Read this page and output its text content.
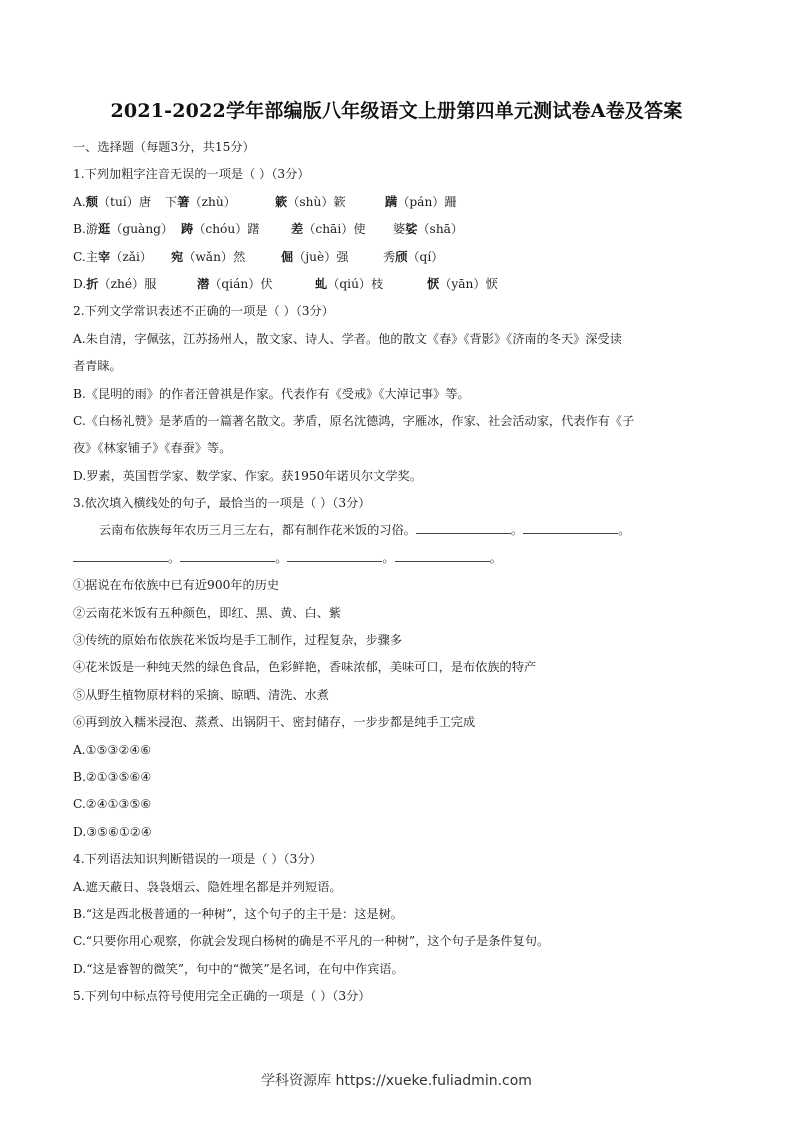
2021-2022学年部编版八年级语文上册第四单元测试卷A卷及答案
一、选择题（每题3分，共15分）
1.下列加粗字注音无误的一项是（ ）（3分）
A.颓（tuí）唐	下箸（zhù）	簌（shù）簌	蹒（pán）跚
B.游逛（guàng） 踌（chóu）躇	差（chāi）使	婆娑（shā）
C.主宰（zǎi）	宛（wǎn）然	倔（juè）强	秀颀（qí）
D.折（zhé）服	潜（qián）伏	虬（qiú）枝	恹（yān）恹
2.下列文学常识表述不正确的一项是（ ）（3分）
A.朱自清，字佩弦，江苏扬州人，散文家、诗人、学者。他的散文《春》《背影》《济南的冬天》深受读
者青睐。
B.《昆明的雨》的作者汪曾祺是作家。代表作有《受戒》《大淖记事》等。
C.《白杨礼赞》是茅盾的一篇著名散文。茅盾，原名沈德鸿，字雁冰，作家、社会活动家，代表作有《子
夜》《林家铺子》《春蚕》等。
D.罗素，英国哲学家、数学家、作家。获1950年诺贝尔文学奖。
3.依次填入横线处的句子，最恰当的一项是（ ）（3分）
云南布依族每年农历三月三左右，都有制作花米饭的习俗。	。	。
。	。	。	。
①据说在布依族中已有近900年的历史
②云南花米饭有五种颜色，即红、黑、黄、白、紫
③传统的原始布依族花米饭均是手工制作，过程复杂，步骤多
④花米饭是一种纯天然的绿色食品，色彩鲜艳，香味浓郁，美味可口，是布依族的特产
⑤从野生植物原材料的采摘、晾晒、清洗、水煮
⑥再到放入糯米浸泡、蒸煮、出锅阴干、密封储存，一步步都是纯手工完成
A.①⑤③②④⑥
B.②①③⑤⑥④
C.②④①③⑤⑥
D.③⑤⑥①②④
4.下列语法知识判断错误的一项是（ ）（3分）
A.遮天蔽日、袅袅烟云、隐姓埋名都是并列短语。
B.“这是西北极普通的一种树”，这个句子的主干是：这是树。
C.“只要你用心观察，你就会发现白杨树的确是不平凡的一种树”，这个句子是条件复句。
D.“这是睿智的微笑”，句中的“微笑”是名词，在句中作宾语。
5.下列句中标点符号使用完全正确的一项是（ ）（3分）
学科资源库 https://xueke.fuliadmin.com
